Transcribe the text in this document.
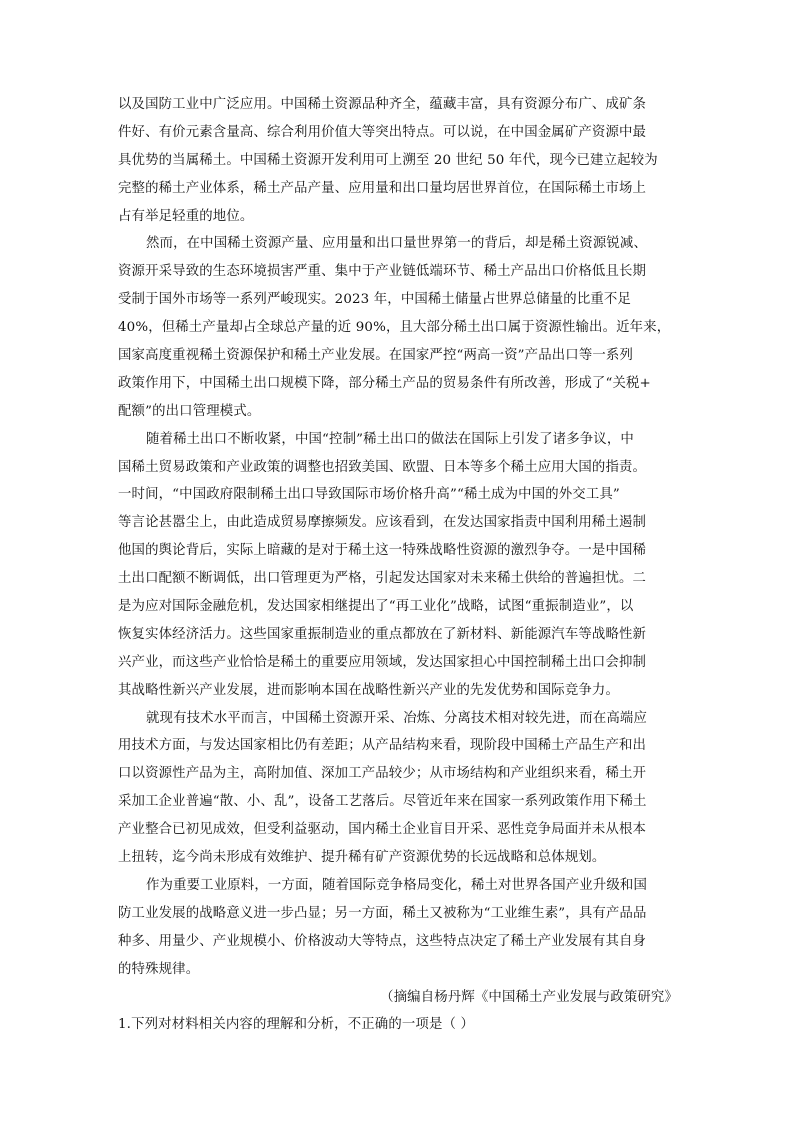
以及国防工业中广泛应用。中国稀土资源品种齐全，蕴藏丰富，具有资源分布广、成矿条
件好、有价元素含量高、综合利用价值大等突出特点。可以说，在中国金属矿产资源中最
具优势的当属稀土。中国稀土资源开发利用可上溯至 20 世纪 50 年代，现今已建立起较为
完整的稀土产业体系，稀土产品产量、应用量和出口量均居世界首位，在国际稀土市场上
占有举足轻重的地位。
然而，在中国稀土资源产量、应用量和出口量世界第一的背后，却是稀土资源锐减、
资源开采导致的生态环境损害严重、集中于产业链低端环节、稀土产品出口价格低且长期
受制于国外市场等一系列严峻现实。2023 年，中国稀土储量占世界总储量的比重不足
40%，但稀土产量却占全球总产量的近 90%，且大部分稀土出口属于资源性输出。近年来，
国家高度重视稀土资源保护和稀土产业发展。在国家严控“两高一资”产品出口等一系列
政策作用下，中国稀土出口规模下降，部分稀土产品的贸易条件有所改善，形成了“关税+
配额”的出口管理模式。
随着稀土出口不断收紧，中国“控制”稀土出口的做法在国际上引发了诸多争议，中
国稀土贸易政策和产业政策的调整也招致美国、欧盟、日本等多个稀土应用大国的指责。
一时间，“中国政府限制稀土出口导致国际市场价格升高”“稀土成为中国的外交工具”
等言论甚嚣尘上，由此造成贸易摩擦频发。应该看到，在发达国家指责中国利用稀土遏制
他国的舆论背后，实际上暗藏的是对于稀土这一特殊战略性资源的激烈争夺。一是中国稀
土出口配额不断调低，出口管理更为严格，引起发达国家对未来稀土供给的普遍担忧。二
是为应对国际金融危机，发达国家相继提出了“再工业化”战略，试图“重振制造业”，以
恢复实体经济活力。这些国家重振制造业的重点都放在了新材料、新能源汽车等战略性新
兴产业，而这些产业恰恰是稀土的重要应用领域，发达国家担心中国控制稀土出口会抑制
其战略性新兴产业发展，进而影响本国在战略性新兴产业的先发优势和国际竞争力。
就现有技术水平而言，中国稀土资源开采、冶炼、分离技术相对较先进，而在高端应
用技术方面，与发达国家相比仍有差距；从产品结构来看，现阶段中国稀土产品生产和出
口以资源性产品为主，高附加值、深加工产品较少；从市场结构和产业组织来看，稀土开
采加工企业普遍“散、小、乱”，设备工艺落后。尽管近年来在国家一系列政策作用下稀土
产业整合已初见成效，但受利益驱动，国内稀土企业盲目开采、恶性竞争局面并未从根本
上扭转，迄今尚未形成有效维护、提升稀有矿产资源优势的长远战略和总体规划。
作为重要工业原料，一方面，随着国际竞争格局变化，稀土对世界各国产业升级和国
防工业发展的战略意义进一步凸显；另一方面，稀土又被称为“工业维生素”，具有产品品
种多、用量少、产业规模小、价格波动大等特点，这些特点决定了稀土产业发展有其自身
的特殊规律。
（摘编自杨丹辉《中国稀土产业发展与政策研究》
1.下列对材料相关内容的理解和分析，不正确的一项是（ ）
